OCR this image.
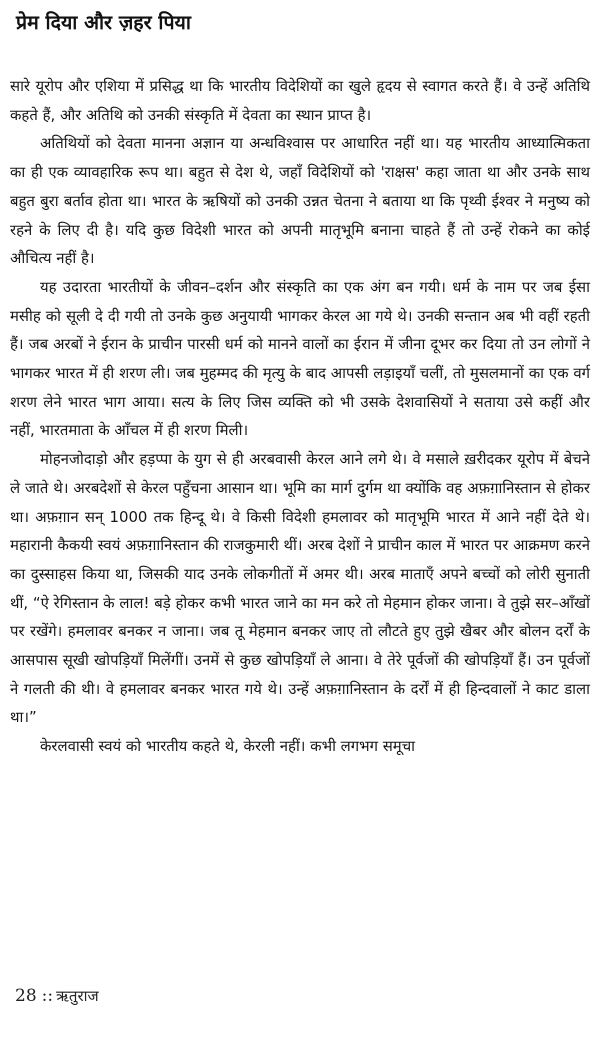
प्रेम दिया और ज़हर पिया

सारे यूरोप और एशिया में प्रसिद्ध था कि भारतीय विदेशियों का खुले हृदय से स्वागत करते हैं। वे उन्हें अतिथि कहते हैं, और अतिथि को उनकी संस्कृति में देवता का स्थान प्राप्त है।

अतिथियों को देवता मानना अज्ञान या अन्धविश्वास पर आधारित नहीं था। यह भारतीय आध्यात्मिकता का ही एक व्यावहारिक रूप था। बहुत से देश थे, जहाँ विदेशियों को 'राक्षस' कहा जाता था और उनके साथ बहुत बुरा बर्ताव होता था। भारत के ऋषियों को उनकी उन्नत चेतना ने बताया था कि पृथ्वी ईश्वर ने मनुष्य को रहने के लिए दी है। यदि कुछ विदेशी भारत को अपनी मातृभूमि बनाना चाहते हैं तो उन्हें रोकने का कोई औचित्य नहीं है।

यह उदारता भारतीयों के जीवन–दर्शन और संस्कृति का एक अंग बन गयी। धर्म के नाम पर जब ईसा मसीह को सूली दे दी गयी तो उनके कुछ अनुयायी भागकर केरल आ गये थे। उनकी सन्तान अब भी वहीं रहती हैं। जब अरबों ने ईरान के प्राचीन पारसी धर्म को मानने वालों का ईरान में जीना दूभर कर दिया तो उन लोगों ने भागकर भारत में ही शरण ली। जब मुहम्मद की मृत्यु के बाद आपसी लड़ाइयाँ चलीं, तो मुसलमानों का एक वर्ग शरण लेने भारत भाग आया। सत्य के लिए जिस व्यक्ति को भी उसके देशवासियों ने सताया उसे कहीं और नहीं, भारतमाता के आँचल में ही शरण मिली।

मोहनजोदाड़ो और हड़प्पा के युग से ही अरबवासी केरल आने लगे थे। वे मसाले ख़रीदकर यूरोप में बेचने ले जाते थे। अरबदेशों से केरल पहुँचना आसान था। भूमि का मार्ग दुर्गम था क्योंकि वह अफ़ग़ानिस्तान से होकर था। अफ़ग़ान सन् 1000 तक हिन्दू थे। वे किसी विदेशी हमलावर को मातृभूमि भारत में आने नहीं देते थे। महारानी कैकयी स्वयं अफ़ग़ानिस्तान की राजकुमारी थीं। अरब देशों ने प्राचीन काल में भारत पर आक्रमण करने का दुस्साहस किया था, जिसकी याद उनके लोकगीतों में अमर थी। अरब माताएँ अपने बच्चों को लोरी सुनाती थीं, “ऐ रेगिस्तान के लाल! बड़े होकर कभी भारत जाने का मन करे तो मेहमान होकर जाना। वे तुझे सर–आँखों पर रखेंगे। हमलावर बनकर न जाना। जब तू मेहमान बनकर जाए तो लौटते हुए तुझे खैबर और बोलन दर्रों के आसपास सूखी खोपड़ियाँ मिलेंगीं। उनमें से कुछ खोपड़ियाँ ले आना। वे तेरे पूर्वजों की खोपड़ियाँ हैं। उन पूर्वजों ने गलती की थी। वे हमलावर बनकर भारत गये थे। उन्हें अफ़ग़ानिस्तान के दर्रों में ही हिन्दवालों ने काट डाला था।”

केरलवासी स्वयं को भारतीय कहते थे, केरली नहीं। कभी लगभग समूचा

28 :: ऋतुराज
